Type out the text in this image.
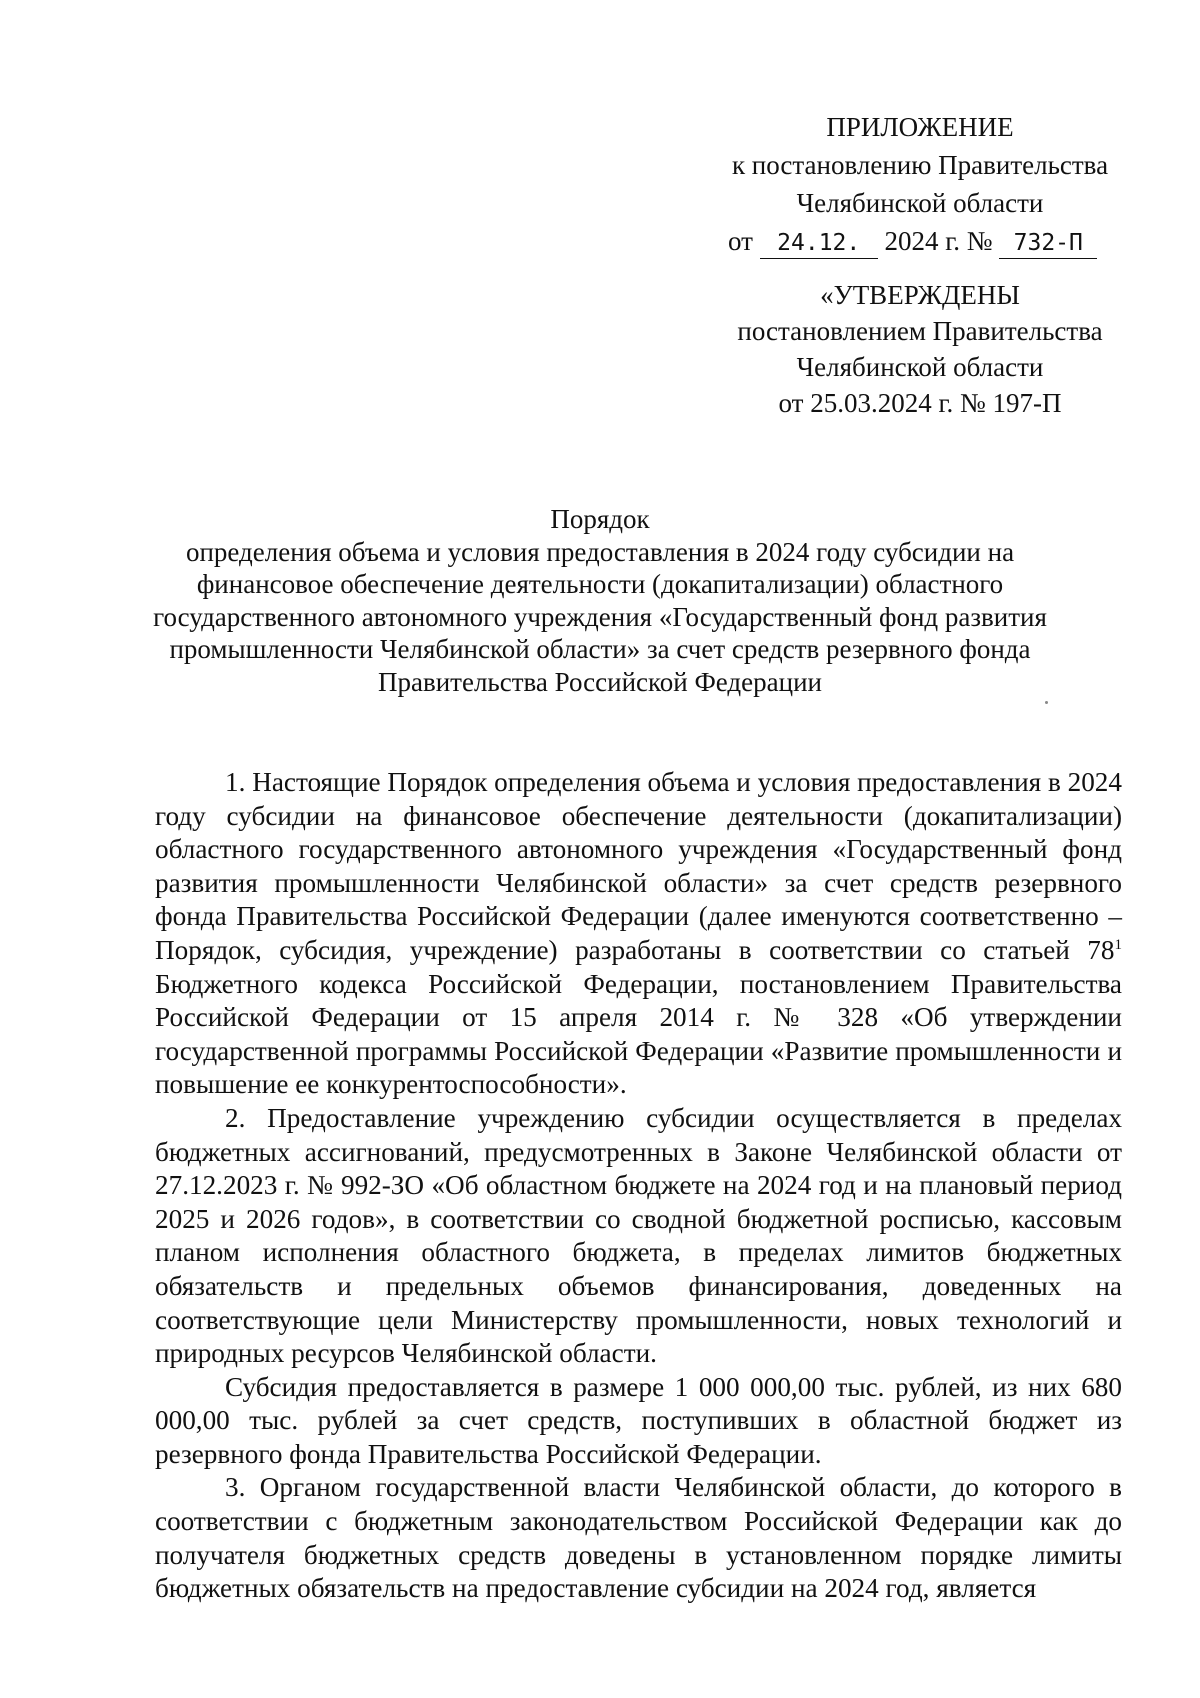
ПРИЛОЖЕНИЕ
к постановлению Правительства
Челябинской области
от 24.12. 2024 г. № 732-П
«УТВЕРЖДЕНЫ
постановлением Правительства
Челябинской области
от 25.03.2024 г. № 197-П
Порядок
определения объема и условия предоставления в 2024 году субсидии на
финансовое обеспечение деятельности (докапитализации) областного
государственного автономного учреждения «Государственный фонд развития
промышленности Челябинской области» за счет средств резервного фонда
Правительства Российской Федерации

1. Настоящие Порядок определения объема и условия предоставления в 2024 году субсидии на финансовое обеспечение деятельности (докапитализации) областного государственного автономного учреждения «Государственный фонд развития промышленности Челябинской области» за счет средств резервного фонда Правительства Российской Федерации (далее именуются соответственно – Порядок, субсидия, учреждение) разработаны в соответствии со статьей $78^1$ Бюджетного кодекса Российской Федерации, постановлением Правительства Российской Федерации от 15 апреля 2014 г. № 328 «Об утверждении государственной программы Российской Федерации «Развитие промышленности и повышение ее конкурентоспособности».

2. Предоставление учреждению субсидии осуществляется в пределах бюджетных ассигнований, предусмотренных в Законе Челябинской области от 27.12.2023 г. № 992-ЗО «Об областном бюджете на 2024 год и на плановый период 2025 и 2026 годов», в соответствии со сводной бюджетной росписью, кассовым планом исполнения областного бюджета, в пределах лимитов бюджетных обязательств и предельных объемов финансирования, доведенных на соответствующие цели Министерству промышленности, новых технологий и природных ресурсов Челябинской области.

Субсидия предоставляется в размере 1 000 000,00 тыс. рублей, из них 680 000,00 тыс. рублей за счет средств, поступивших в областной бюджет из резервного фонда Правительства Российской Федерации.

3. Органом государственной власти Челябинской области, до которого в соответствии с бюджетным законодательством Российской Федерации как до получателя бюджетных средств доведены в установленном порядке лимиты бюджетных обязательств на предоставление субсидии на 2024 год, является
